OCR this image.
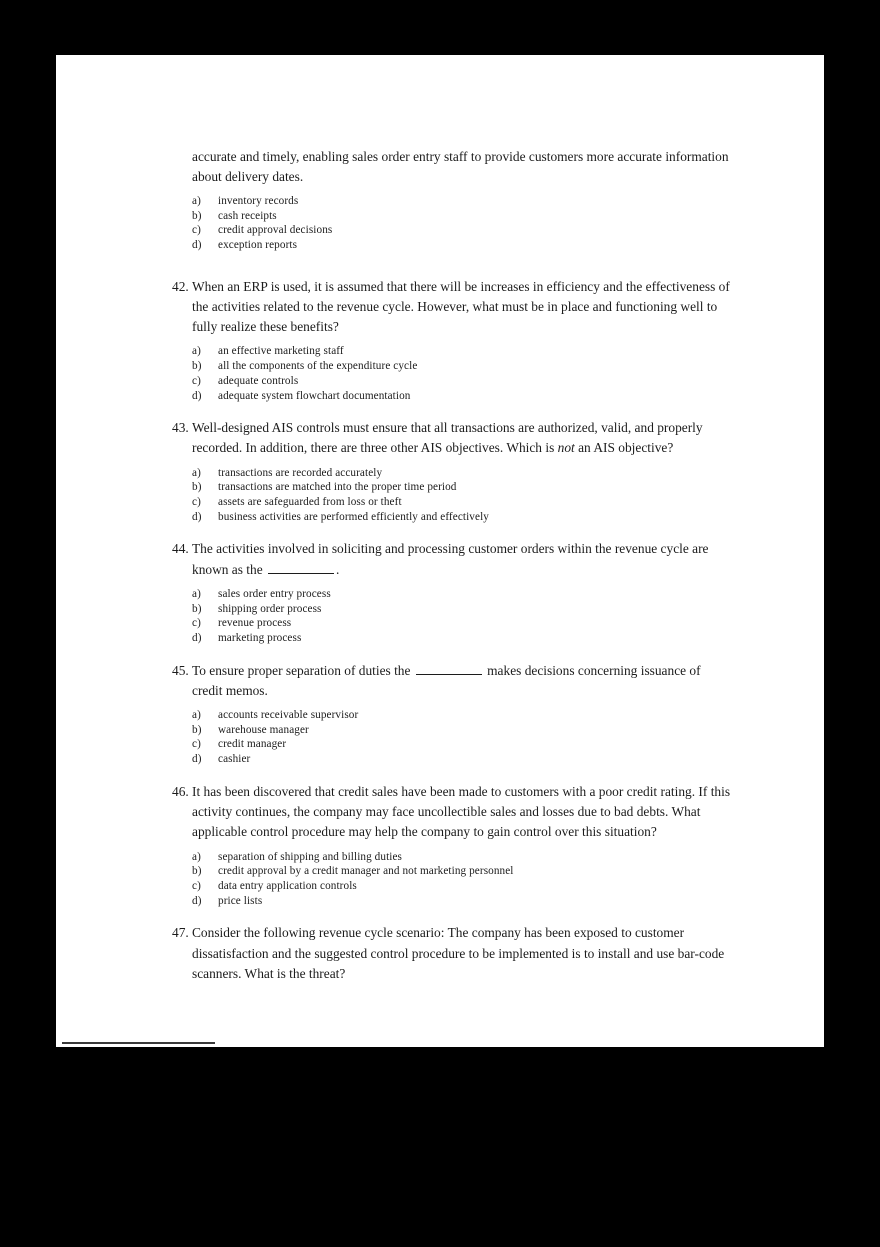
accurate and timely, enabling sales order entry staff to provide customers more accurate information about delivery dates.
a)	inventory records
b)	cash receipts
c)	credit approval decisions
d)	exception reports
42. When an ERP is used, it is assumed that there will be increases in efficiency and the effectiveness of the activities related to the revenue cycle. However, what must be in place and functioning well to fully realize these benefits?
a)	an effective marketing staff
b)	all the components of the expenditure cycle
c)	adequate controls
d)	adequate system flowchart documentation
43. Well-designed AIS controls must ensure that all transactions are authorized, valid, and properly recorded. In addition, there are three other AIS objectives. Which is not an AIS objective?
a)	transactions are recorded accurately
b)	transactions are matched into the proper time period
c)	assets are safeguarded from loss or theft
d)	business activities are performed efficiently and effectively
44. The activities involved in soliciting and processing customer orders within the revenue cycle are known as the	.
a)	sales order entry process
b)	shipping order process
c)	revenue process
d)	marketing process
45. To ensure proper separation of duties the	makes decisions concerning issuance of credit memos.
a)	accounts receivable supervisor
b)	warehouse manager
c)	credit manager
d)	cashier
46. It has been discovered that credit sales have been made to customers with a poor credit rating. If this activity continues, the company may face uncollectible sales and losses due to bad debts. What applicable control procedure may help the company to gain control over this situation?
a)	separation of shipping and billing duties
b)	credit approval by a credit manager and not marketing personnel
c)	data entry application controls
d)	price lists
47. Consider the following revenue cycle scenario: The company has been exposed to customer dissatisfaction and the suggested control procedure to be implemented is to install and use bar-code scanners. What is the threat?
